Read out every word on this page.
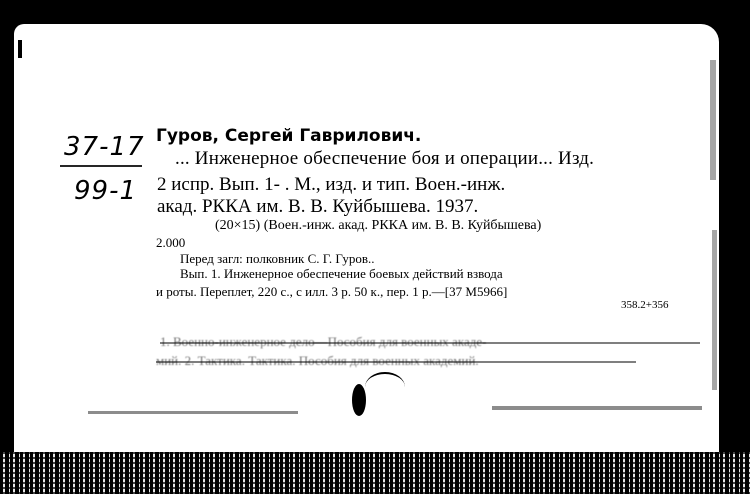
37-17
99-1
Гуров, Сергей Гаврилович.
... Инженерное обеспечение боя и операции... Изд.
2 испр. Вып. 1- . М., изд. и тип. Воен.-инж.
акад. РККА им. В. В. Куйбышева. 1937.
(20×15) (Воен.-инж. акад. РККА им. В. В. Куйбышева)
2.000
Перед загл: полковник С. Г. Гуров..
Вып. 1. Инженерное обеспечение боевых действий взвода
и роты. Переплет, 220 с., с илл. 3 р. 50 к., пер. 1 р.—[37 М5966]
358.2+356
